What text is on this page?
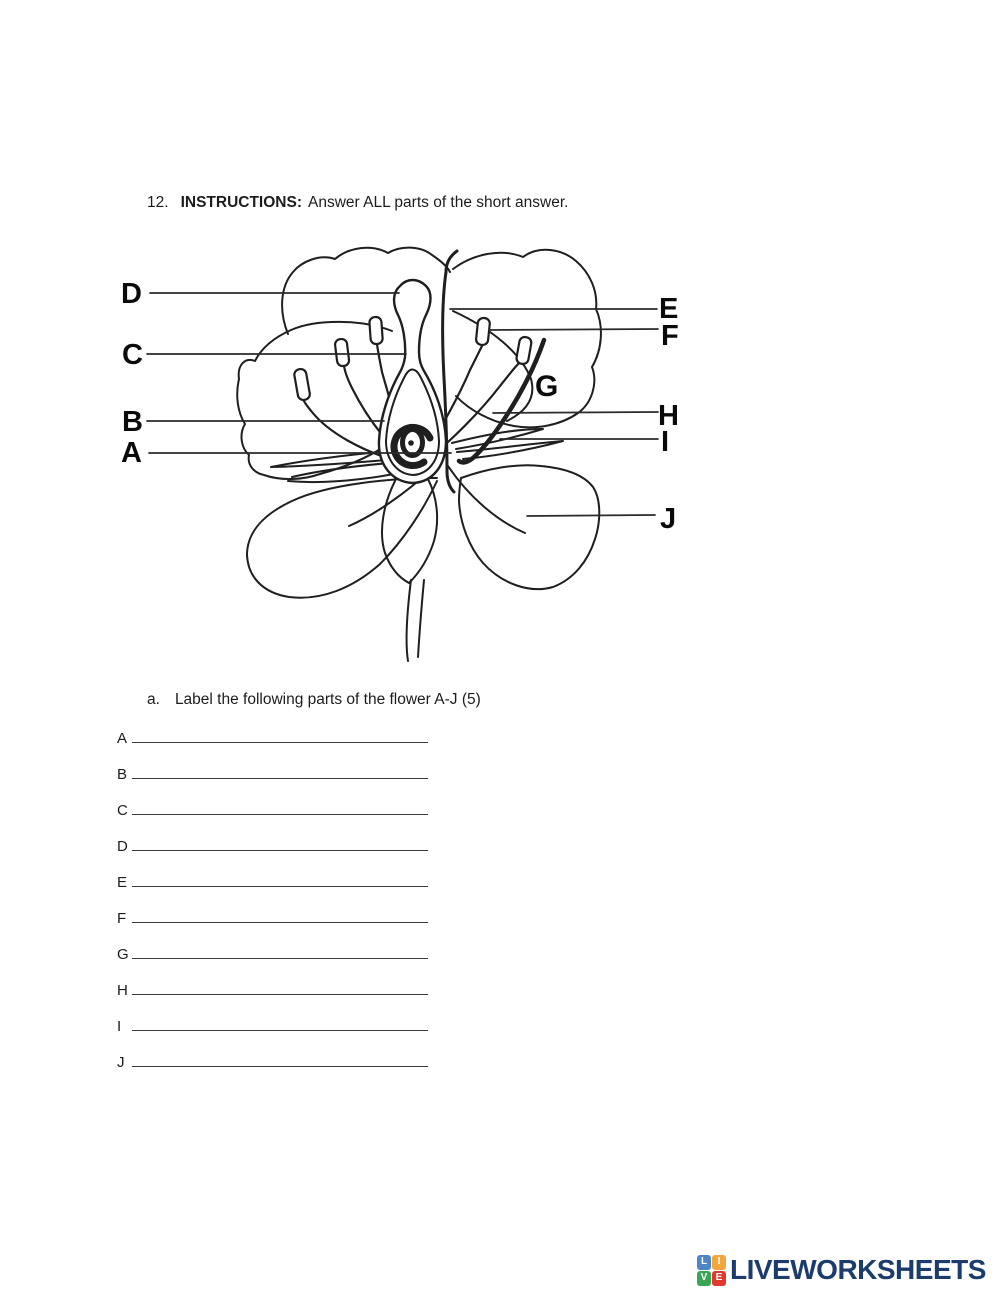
12. INSTRUCTIONS: Answer ALL parts of the short answer.
D
C
B
A
E
F
G
H
I
J
a. Label the following parts of the flower A-J (5)
A
B
C
D
E
F
G
H
I
J
L	I
V E LIVEWORKSHEETS
